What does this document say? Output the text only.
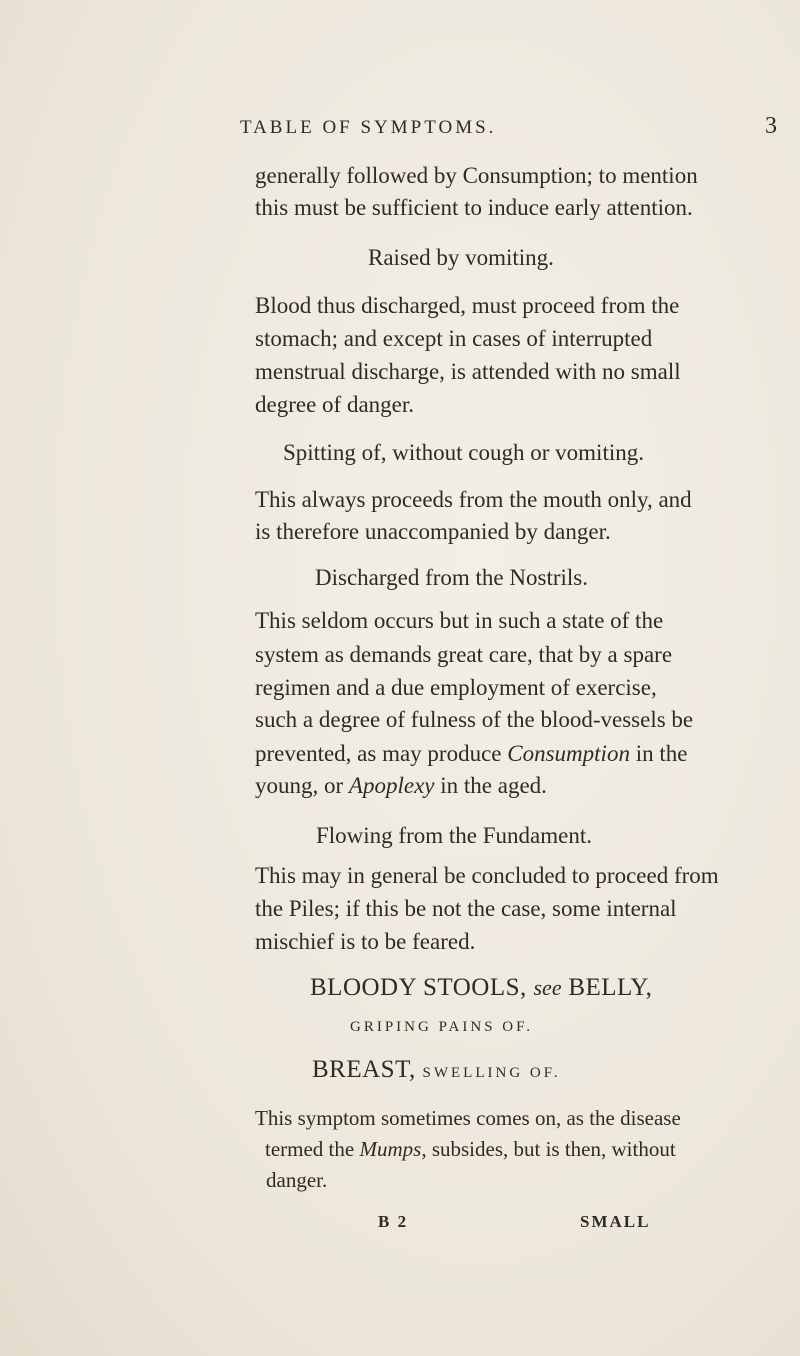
TABLE OF SYMPTOMS.	3
generally followed by Consumption; to mention
this must be sufficient to induce early attention.
Raised by vomiting.
Blood thus discharged, must proceed from the
stomach; and except in cases of interrupted
menstrual discharge, is attended with no small
degree of danger.
Spitting of, without cough or vomiting.
This always proceeds from the mouth only, and
is therefore unaccompanied by danger.
Discharged from the Nostrils.
This seldom occurs but in such a state of the
system as demands great care, that by a spare
regimen and a due employment of exercise,
such a degree of fulness of the blood-vessels be
prevented, as may produce Consumption in the
young, or Apoplexy in the aged.
Flowing from the Fundament.
This may in general be concluded to proceed from
the Piles; if this be not the case, some internal
mischief is to be feared.
BLOODY STOOLS, see BELLY,
GRIPING PAINS OF.
BREAST, SWELLING OF.
This symptom sometimes comes on, as the disease
termed the Mumps, subsides, but is then, without
danger.
B 2	SMALL
